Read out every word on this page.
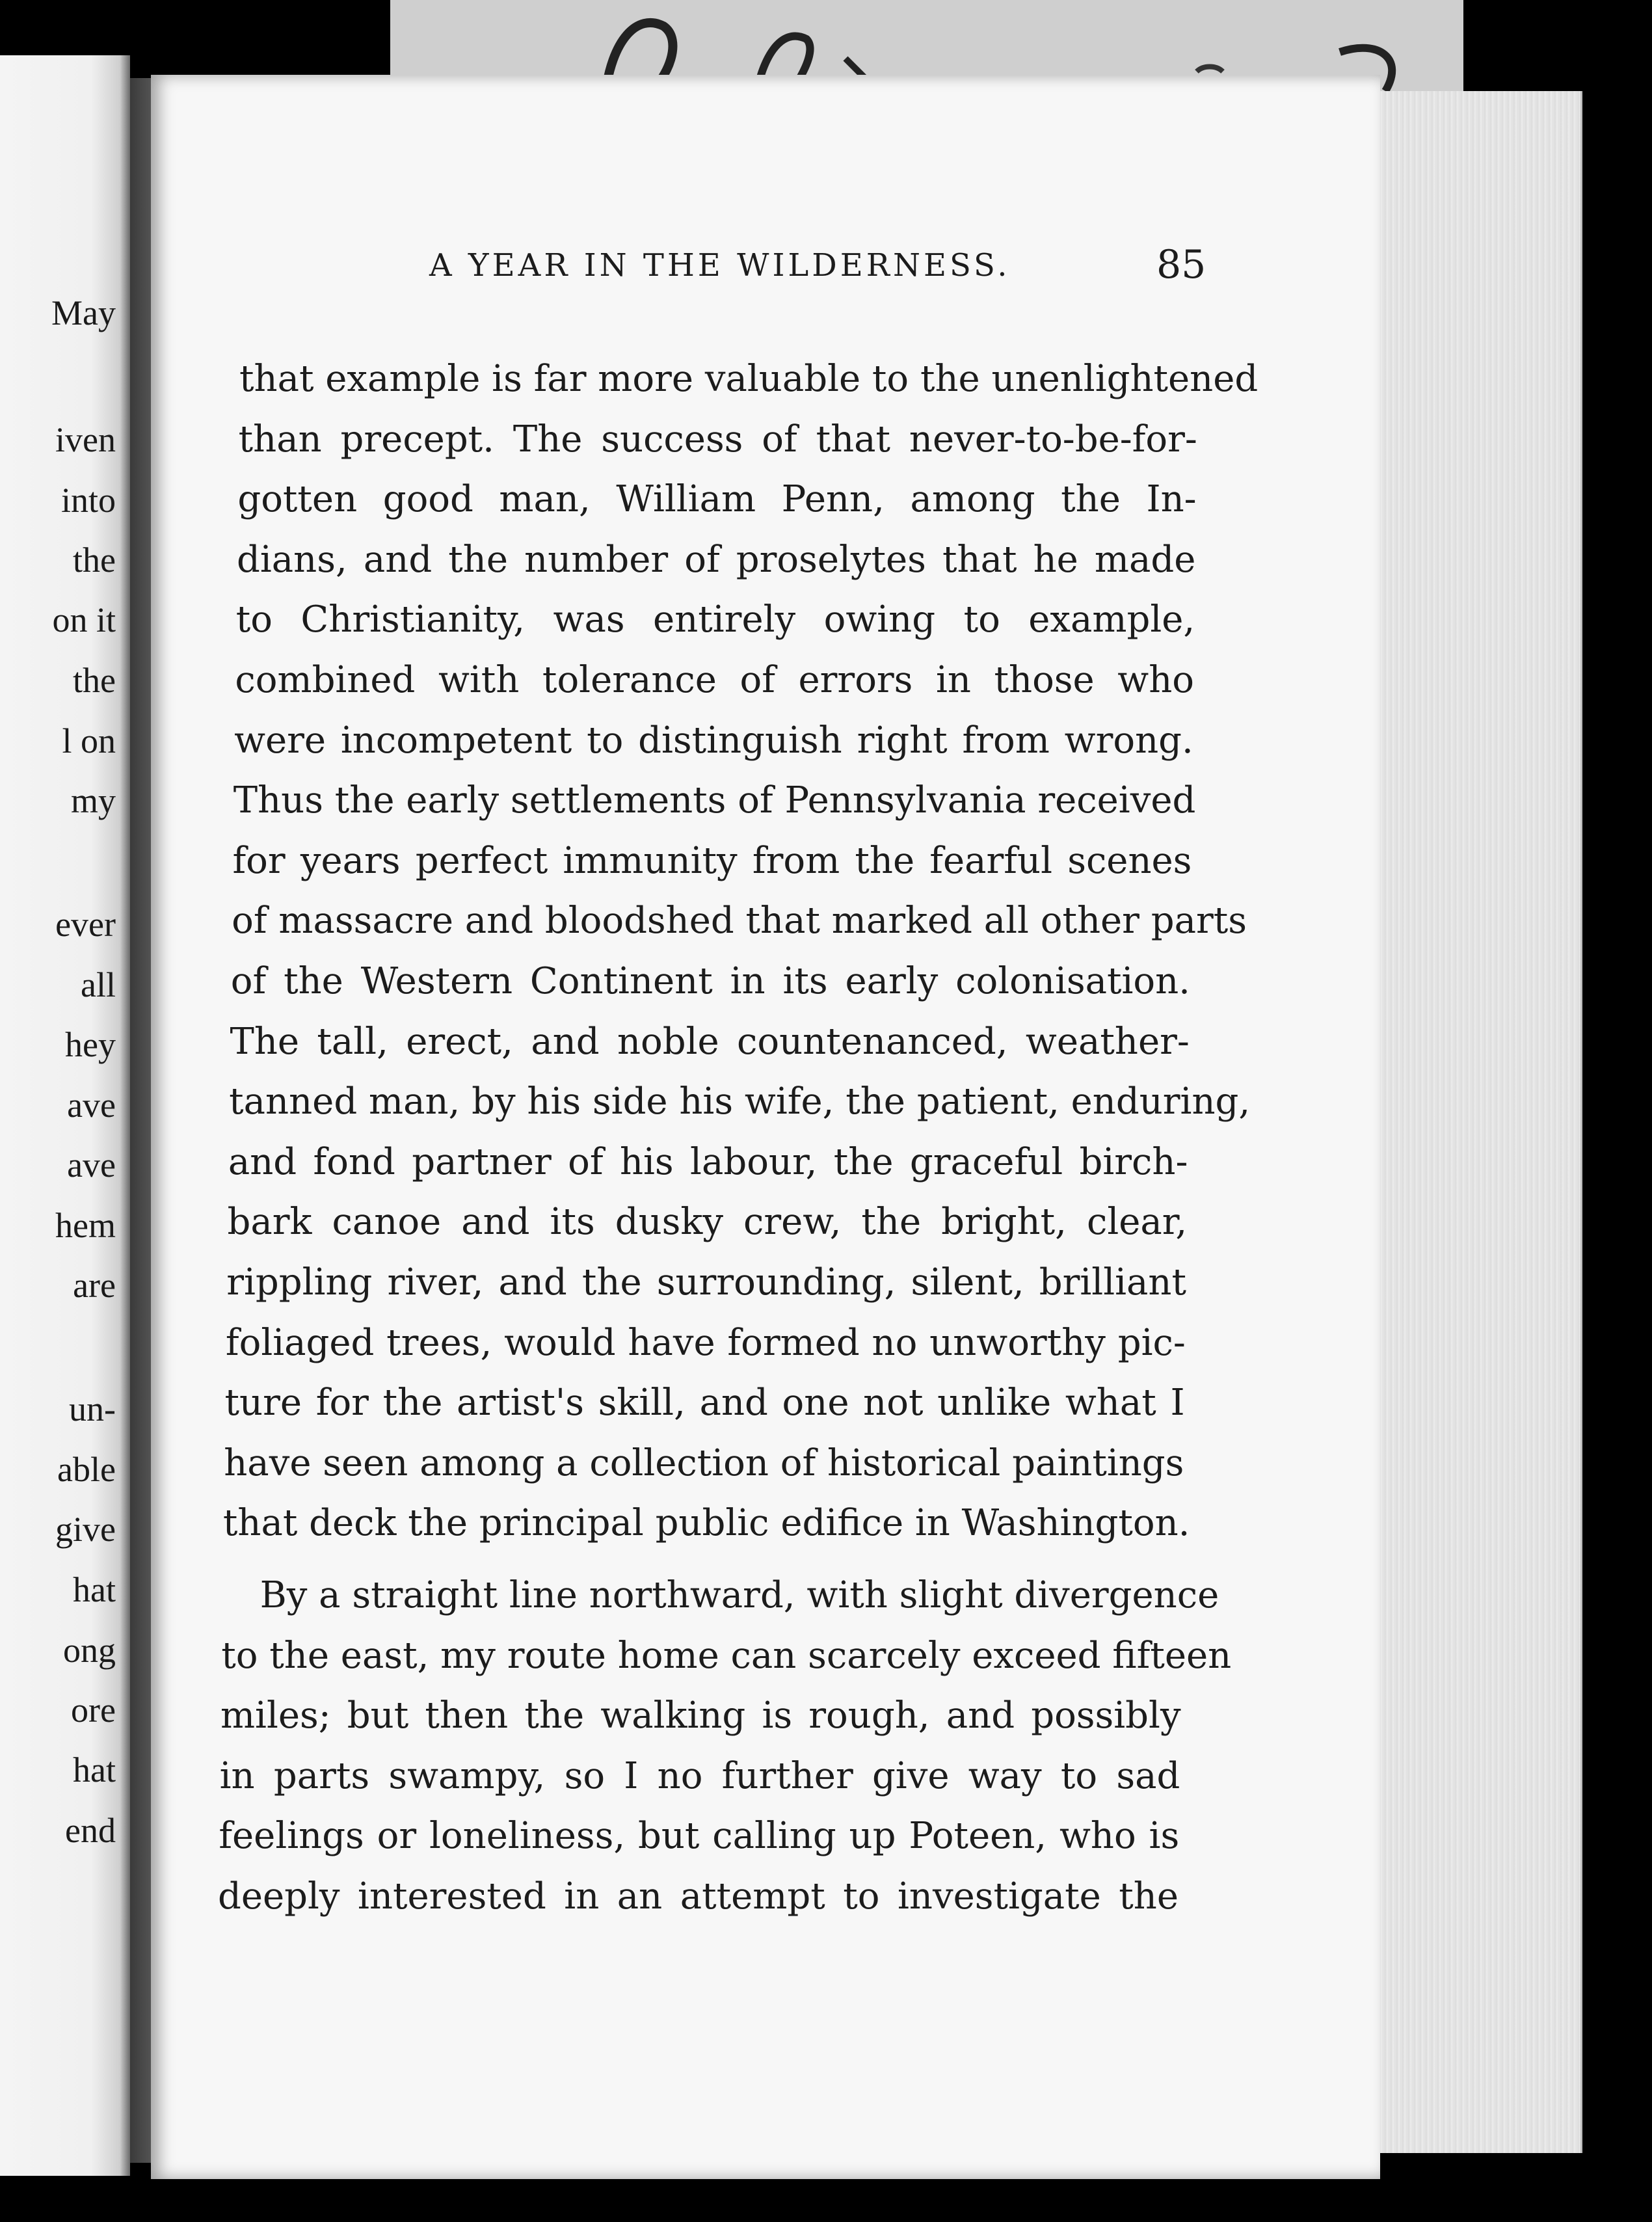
May
iven
into
the
on it
the
l on
my
ever
all
hey
ave
ave
hem
are
un-
able
give
hat
ong
ore
hat
end
A YEAR IN THE WILDERNESS.	85
that example is far more valuable to the unenlightened
than precept. The success of that never-to-be-for-
gotten good man, William Penn, among the In-
dians, and the number of proselytes that he made
to Christianity, was entirely owing to example,
combined with tolerance of errors in those who
were incompetent to distinguish right from wrong.
Thus the early settlements of Pennsylvania received
for years perfect immunity from the fearful scenes
of massacre and bloodshed that marked all other parts
of the Western Continent in its early colonisation.
The tall, erect, and noble countenanced, weather-
tanned man, by his side his wife, the patient, enduring,
and fond partner of his labour, the graceful birch-
bark canoe and its dusky crew, the bright, clear,
rippling river, and the surrounding, silent, brilliant
foliaged trees, would have formed no unworthy pic-
ture for the artist's skill, and one not unlike what I
have seen among a collection of historical paintings
that deck the principal public edifice in Washington.
By a straight line northward, with slight divergence
to the east, my route home can scarcely exceed fifteen
miles; but then the walking is rough, and possibly
in parts swampy, so I no further give way to sad
feelings or loneliness, but calling up Poteen, who is
deeply interested in an attempt to investigate the
